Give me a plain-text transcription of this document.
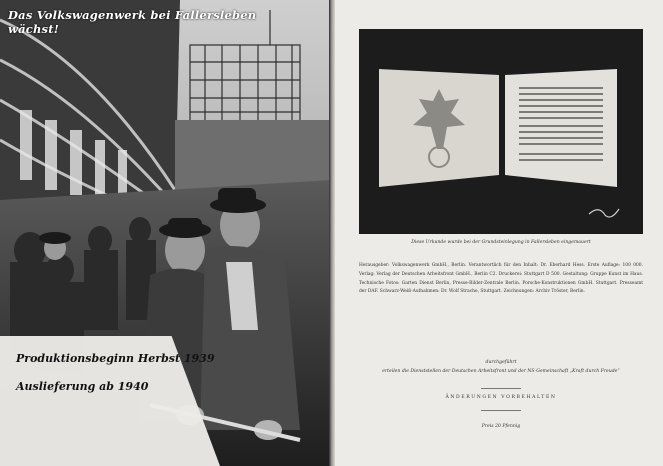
Das Volkswagenwerk bei Fallersleben wächst!
Produktionsbeginn Herbst 1939
Auslieferung ab 1940
Diese Urkunde wurde bei der Grundsteinlegung in Fallersleben eingemauert
Herausgeber: Volkswagenwerk GmbH., Berlin. Verantwortlich für den Inhalt: Dr. Eberhard Hess. Erste Auflage: 100 000. Verlag: Verlag der Deutschen Arbeitsfront GmbH., Berlin C2. Druckerei: Stuttgart D 500. Gestaltung: Gruppe Kunst im Haus. Technische Fotos: Garten Dienst Berlin, Presse-Bilder-Zentrale Berlin. Porsche-Konstruktionen GmbH. Stuttgart. Presseamt der DAF. Schwarz-Weiß-Aufnahmen: Dr. Wolf Strache, Stuttgart. Zeichnungen: Archiv Tröster, Berlin.
durchgeführt
erteilen die Dienststellen der Deutschen Arbeitsfront und der NS-Gemeinschaft „Kraft durch Freude“
ÄNDERUNGEN VORBEHALTEN
Preis 20 Pfennig
